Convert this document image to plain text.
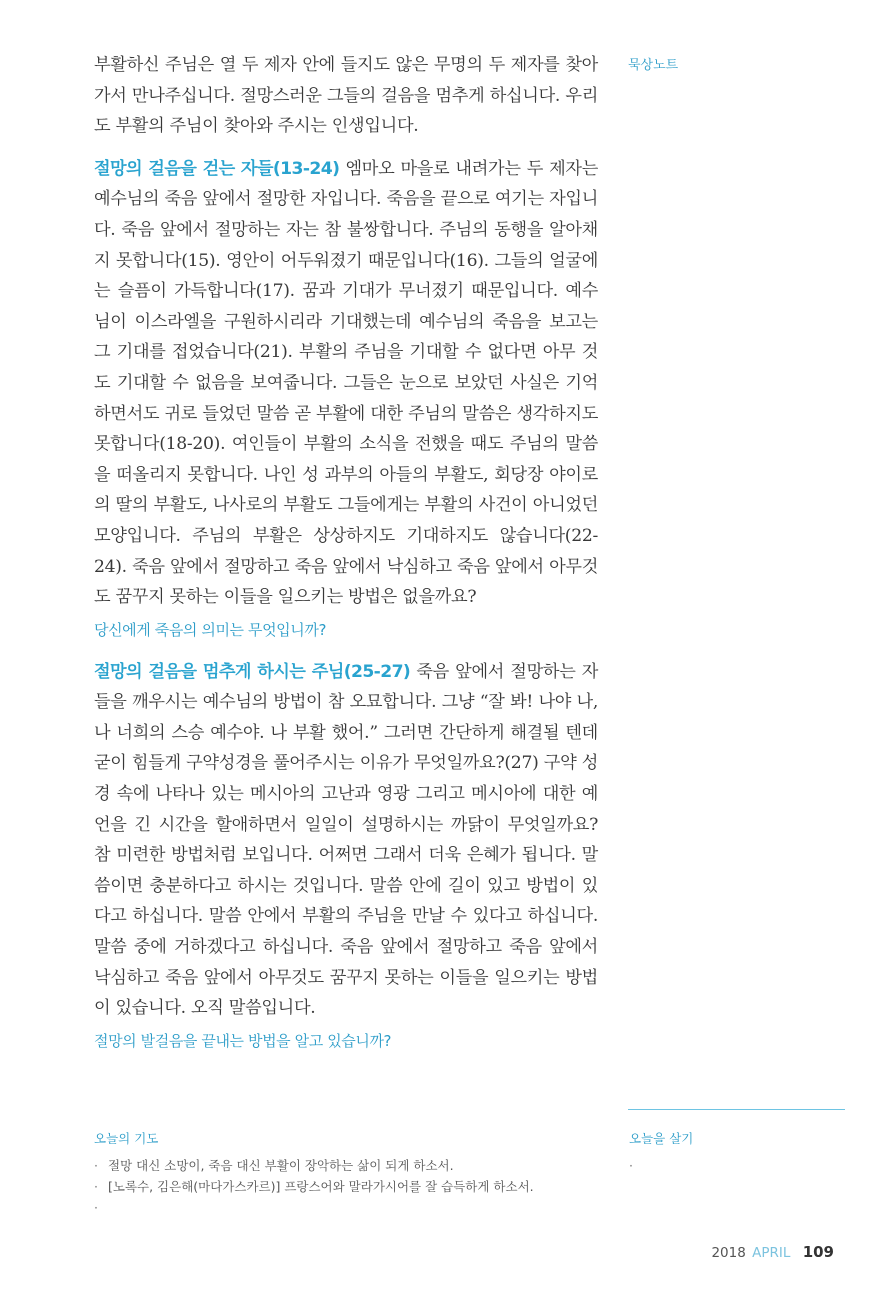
묵상노트

부활하신 주님은 열 두 제자 안에 들지도 않은 무명의 두 제자를 찾아가서 만나주십니다. 절망스러운 그들의 걸음을 멈추게 하십니다. 우리도 부활의 주님이 찾아와 주시는 인생입니다.

절망의 걸음을 걷는 자들(13-24) 엠마오 마을로 내려가는 두 제자는 예수님의 죽음 앞에서 절망한 자입니다. 죽음을 끝으로 여기는 자입니다. 죽음 앞에서 절망하는 자는 참 불쌍합니다. 주님의 동행을 알아채지 못합니다(15). 영안이 어두워졌기 때문입니다(16). 그들의 얼굴에는 슬픔이 가득합니다(17). 꿈과 기대가 무너졌기 때문입니다. 예수님이 이스라엘을 구원하시리라 기대했는데 예수님의 죽음을 보고는 그 기대를 접었습니다(21). 부활의 주님을 기대할 수 없다면 아무 것도 기대할 수 없음을 보여줍니다. 그들은 눈으로 보았던 사실은 기억하면서도 귀로 들었던 말씀 곧 부활에 대한 주님의 말씀은 생각하지도 못합니다(18-20). 여인들이 부활의 소식을 전했을 때도 주님의 말씀을 떠올리지 못합니다. 나인 성 과부의 아들의 부활도, 회당장 야이로의 딸의 부활도, 나사로의 부활도 그들에게는 부활의 사건이 아니었던 모양입니다. 주님의 부활은 상상하지도 기대하지도 않습니다(22-24). 죽음 앞에서 절망하고 죽음 앞에서 낙심하고 죽음 앞에서 아무것도 꿈꾸지 못하는 이들을 일으키는 방법은 없을까요?

당신에게 죽음의 의미는 무엇입니까?

절망의 걸음을 멈추게 하시는 주님(25-27) 죽음 앞에서 절망하는 자들을 깨우시는 예수님의 방법이 참 오묘합니다. 그냥 “잘 봐! 나야 나, 나 너희의 스승 예수야. 나 부활 했어.” 그러면 간단하게 해결될 텐데 굳이 힘들게 구약성경을 풀어주시는 이유가 무엇일까요?(27) 구약 성경 속에 나타나 있는 메시아의 고난과 영광 그리고 메시아에 대한 예언을 긴 시간을 할애하면서 일일이 설명하시는 까닭이 무엇일까요? 참 미련한 방법처럼 보입니다. 어쩌면 그래서 더욱 은혜가 됩니다. 말씀이면 충분하다고 하시는 것입니다. 말씀 안에 길이 있고 방법이 있다고 하십니다. 말씀 안에서 부활의 주님을 만날 수 있다고 하십니다. 말씀 중에 거하겠다고 하십니다. 죽음 앞에서 절망하고 죽음 앞에서 낙심하고 죽음 앞에서 아무것도 꿈꾸지 못하는 이들을 일으키는 방법이 있습니다. 오직 말씀입니다.

절망의 발걸음을 끝내는 방법을 알고 있습니까?
오늘의 기도
· 절망 대신 소망이, 죽음 대신 부활이 장악하는 삶이 되게 하소서.
· [노록수, 김은해(마다가스카르)] 프랑스어와 말라가시어를 잘 습득하게 하소서.
·
오늘을 살기
·
2018 APRIL 109
